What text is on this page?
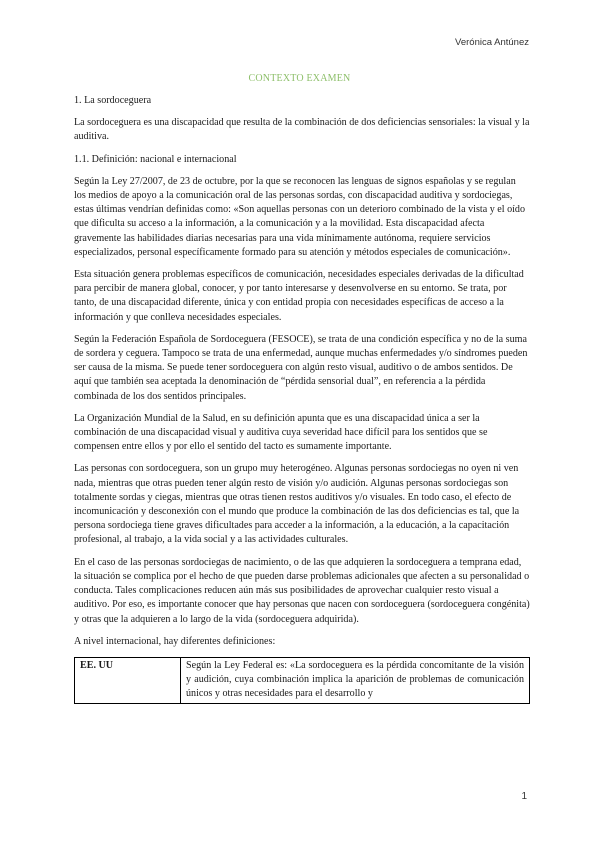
Verónica Antúnez
CONTEXTO EXAMEN

1. La sordoceguera

La sordoceguera es una discapacidad que resulta de la combinación de dos deficiencias sensoriales: la visual y la auditiva.

1.1. Definición: nacional e internacional

Según la Ley 27/2007, de 23 de octubre, por la que se reconocen las lenguas de signos españolas y se regulan los medios de apoyo a la comunicación oral de las personas sordas, con discapacidad auditiva y sordociegas, estas últimas vendrían definidas como: «Son aquellas personas con un deterioro combinado de la vista y el oído que dificulta su acceso a la información, a la comunicación y a la movilidad. Esta discapacidad afecta gravemente las habilidades diarias necesarias para una vida mínimamente autónoma, requiere servicios especializados, personal específicamente formado para su atención y métodos especiales de comunicación».

Esta situación genera problemas específicos de comunicación, necesidades especiales derivadas de la dificultad para percibir de manera global, conocer, y por tanto interesarse y desenvolverse en su entorno. Se trata, por tanto, de una discapacidad diferente, única y con entidad propia con necesidades específicas de acceso a la información y que conlleva necesidades especiales.

Según la Federación Española de Sordoceguera (FESOCE), se trata de una condición específica y no de la suma de sordera y ceguera. Tampoco se trata de una enfermedad, aunque muchas enfermedades y/o síndromes pueden ser causa de la misma. Se puede tener sordoceguera con algún resto visual, auditivo o de ambos sentidos. De aquí que también sea aceptada la denominación de “pérdida sensorial dual”, en referencia a la pérdida combinada de los dos sentidos principales.

La Organización Mundial de la Salud, en su definición apunta que es una discapacidad única a ser la combinación de una discapacidad visual y auditiva cuya severidad hace difícil para los sentidos que se compensen entre ellos y por ello el sentido del tacto es sumamente importante.

Las personas con sordoceguera, son un grupo muy heterogéneo. Algunas personas sordociegas no oyen ni ven nada, mientras que otras pueden tener algún resto de visión y/o audición. Algunas personas sordociegas son totalmente sordas y ciegas, mientras que otras tienen restos auditivos y/o visuales. En todo caso, el efecto de incomunicación y desconexión con el mundo que produce la combinación de las dos deficiencias es tal, que la persona sordociega tiene graves dificultades para acceder a la información, a la educación, a la capacitación profesional, al trabajo, a la vida social y a las actividades culturales.

En el caso de las personas sordociegas de nacimiento, o de las que adquieren la sordoceguera a temprana edad, la situación se complica por el hecho de que pueden darse problemas adicionales que afecten a su personalidad o conducta. Tales complicaciones reducen aún más sus posibilidades de aprovechar cualquier resto visual a auditivo. Por eso, es importante conocer que hay personas que nacen con sordoceguera (sordoceguera congénita) y otras que la adquieren a lo largo de la vida (sordoceguera adquirida).

A nivel internacional, hay diferentes definiciones:

EE. UU	Según la Ley Federal es: «La sordoceguera es la pérdida concomitante de la visión y audición, cuya combinación implica la aparición de problemas de comunicación únicos y otras necesidades para el desarrollo y
1
